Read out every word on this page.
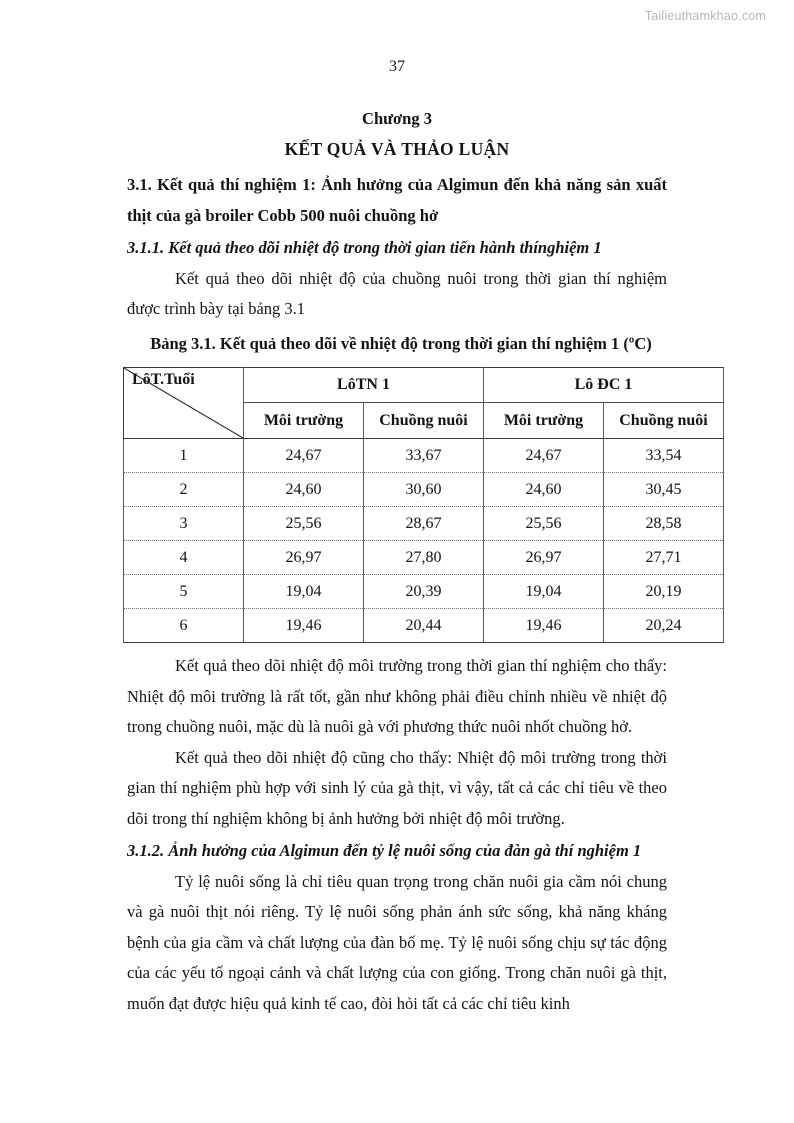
Tailieuthamkhao.com
37
Chương 3
KẾT QUẢ VÀ THẢO LUẬN
3.1. Kết quả thí nghiệm 1: Ảnh hưởng của Algimun đến khả năng sản xuất thịt của gà broiler Cobb 500 nuôi chuồng hở
3.1.1. Kết quả theo dõi nhiệt độ trong thời gian tiến hành thínghiệm 1

Kết quả theo dõi nhiệt độ của chuồng nuôi trong thời gian thí nghiệm được trình bày tại bảng 3.1

Bảng 3.1. Kết quả theo dõi về nhiệt độ trong thời gian thí nghiệm 1 (ºC)
LôT.Tuổi	LôTN 1		Lô ĐC 1	
	Môi trường	Chuồng nuôi	Môi trường	Chuồng nuôi
1	24,67	33,67	24,67	33,54
2	24,60	30,60	24,60	30,45
3	25,56	28,67	25,56	28,58
4	26,97	27,80	26,97	27,71
5	19,04	20,39	19,04	20,19
6	19,46	20,44	19,46	20,24

Kết quả theo dõi nhiệt độ môi trường trong thời gian thí nghiệm cho thấy: Nhiệt độ môi trường là rất tốt, gần như không phải điều chỉnh nhiều về nhiệt độ trong chuồng nuôi, mặc dù là nuôi gà với phương thức nuôi nhốt chuồng hở.

Kết quả theo dõi nhiệt độ cũng cho thấy: Nhiệt độ môi trường trong thời gian thí nghiệm phù hợp với sinh lý của gà thịt, vì vậy, tất cả các chỉ tiêu về theo dõi trong thí nghiệm không bị ảnh hưởng bởi nhiệt độ môi trường.

3.1.2. Ảnh hưởng của Algimun đến tỷ lệ nuôi sống của đàn gà thí nghiệm 1

Tỷ lệ nuôi sống là chỉ tiêu quan trọng trong chăn nuôi gia cầm nói chung và gà nuôi thịt nói riêng. Tỷ lệ nuôi sống phản ánh sức sống, khả năng kháng bệnh của gia cầm và chất lượng của đàn bố mẹ. Tỷ lệ nuôi sống chịu sự tác động của các yếu tố ngoại cảnh và chất lượng của con giống. Trong chăn nuôi gà thịt, muốn đạt được hiệu quả kinh tế cao, đòi hỏi tất cả các chỉ tiêu kinh
